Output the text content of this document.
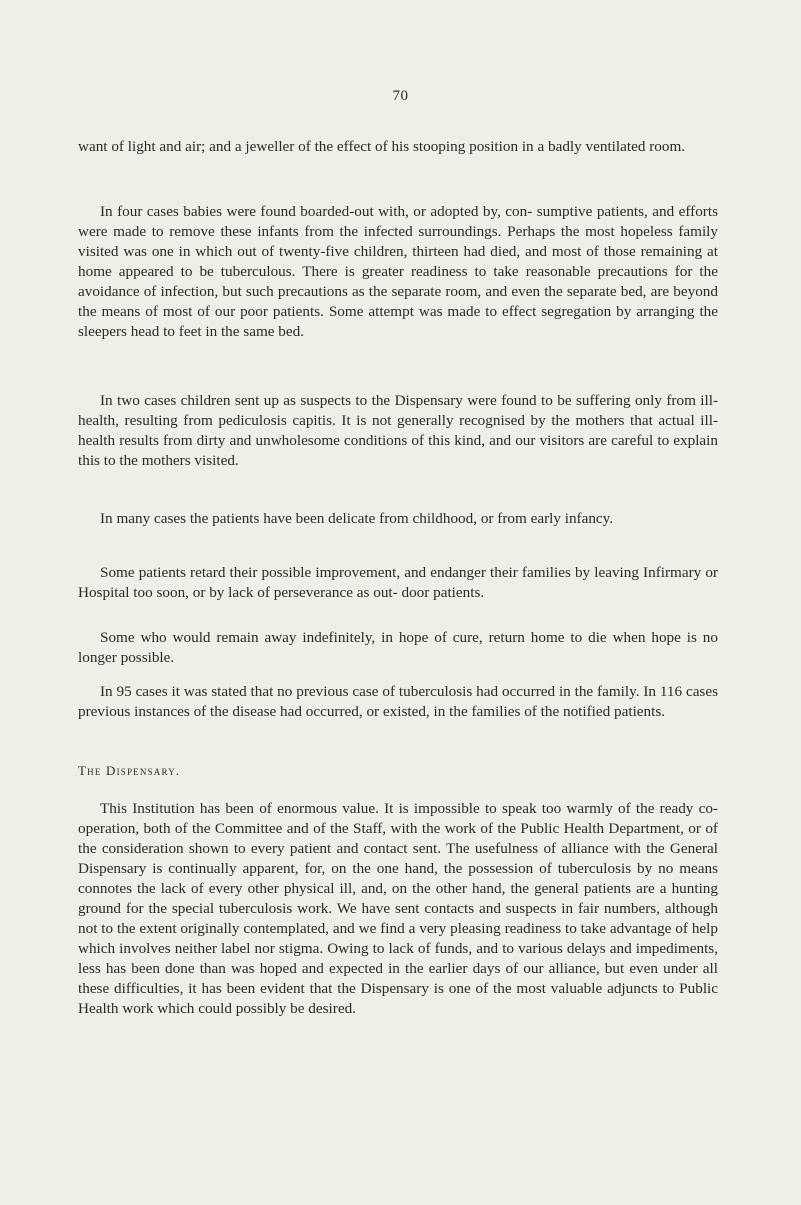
70

want of light and air; and a jeweller of the effect of his stooping position in a badly ventilated room.

In four cases babies were found boarded-out with, or adopted by, con- sumptive patients, and efforts were made to remove these infants from the infected surroundings. Perhaps the most hopeless family visited was one in which out of twenty-five children, thirteen had died, and most of those remaining at home appeared to be tuberculous. There is greater readiness to take reasonable precautions for the avoidance of infection, but such precautions as the separate room, and even the separate bed, are beyond the means of most of our poor patients. Some attempt was made to effect segregation by arranging the sleepers head to feet in the same bed.

In two cases children sent up as suspects to the Dispensary were found to be suffering only from ill-health, resulting from pediculosis capitis. It is not generally recognised by the mothers that actual ill-health results from dirty and unwholesome conditions of this kind, and our visitors are careful to explain this to the mothers visited.

In many cases the patients have been delicate from childhood, or from early infancy.

Some patients retard their possible improvement, and endanger their families by leaving Infirmary or Hospital too soon, or by lack of perseverance as out- door patients.

Some who would remain away indefinitely, in hope of cure, return home to die when hope is no longer possible.

In 95 cases it was stated that no previous case of tuberculosis had occurred in the family. In 116 cases previous instances of the disease had occurred, or existed, in the families of the notified patients.

The Dispensary.

This Institution has been of enormous value. It is impossible to speak too warmly of the ready co-operation, both of the Committee and of the Staff, with the work of the Public Health Department, or of the consideration shown to every patient and contact sent. The usefulness of alliance with the General Dispensary is continually apparent, for, on the one hand, the possession of tuberculosis by no means connotes the lack of every other physical ill, and, on the other hand, the general patients are a hunting ground for the special tuberculosis work. We have sent contacts and suspects in fair numbers, although not to the extent originally contemplated, and we find a very pleasing readiness to take advantage of help which involves neither label nor stigma. Owing to lack of funds, and to various delays and impediments, less has been done than was hoped and expected in the earlier days of our alliance, but even under all these difficulties, it has been evident that the Dispensary is one of the most valuable adjuncts to Public Health work which could possibly be desired.
